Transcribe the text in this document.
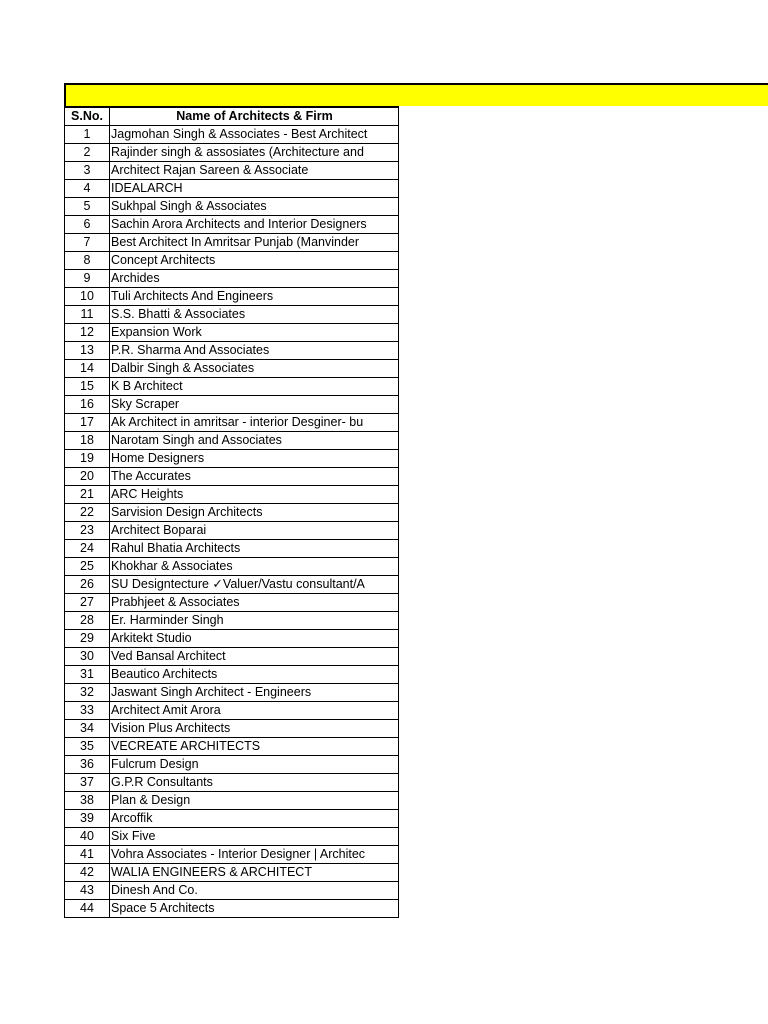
S.No.	Name of Architects & Firm
1	Jagmohan Singh & Associates - Best Architect
2	Rajinder singh & assosiates (Architecture and
3	Architect Rajan Sareen & Associate
4	IDEALARCH
5	Sukhpal Singh & Associates
6	Sachin Arora Architects and Interior Designers
7	Best Architect In Amritsar Punjab (Manvinder
8	Concept Architects
9	Archides
10	Tuli Architects And Engineers
11	S.S. Bhatti & Associates
12	Expansion Work
13	P.R. Sharma And Associates
14	Dalbir Singh & Associates
15	K B Architect
16	Sky Scraper
17	Ak Architect in amritsar - interior Desginer- bu
18	Narotam Singh and Associates
19	Home Designers
20	The Accurates
21	ARC Heights
22	Sarvision Design Architects
23	Architect Boparai
24	Rahul Bhatia Architects
25	Khokhar & Associates
26	SU Designtecture ✓Valuer/Vastu consultant/A
27	Prabhjeet & Associates
28	Er. Harminder Singh
29	Arkitekt Studio
30	Ved Bansal Architect
31	Beautico Architects
32	Jaswant Singh Architect - Engineers
33	Architect Amit Arora
34	Vision Plus Architects
35	VECREATE ARCHITECTS
36	Fulcrum Design
37	G.P.R Consultants
38	Plan & Design
39	Arcoffik
40	Six Five
41	Vohra Associates - Interior Designer | Architec
42	WALIA ENGINEERS & ARCHITECT
43	Dinesh And Co.
44	Space 5 Architects
